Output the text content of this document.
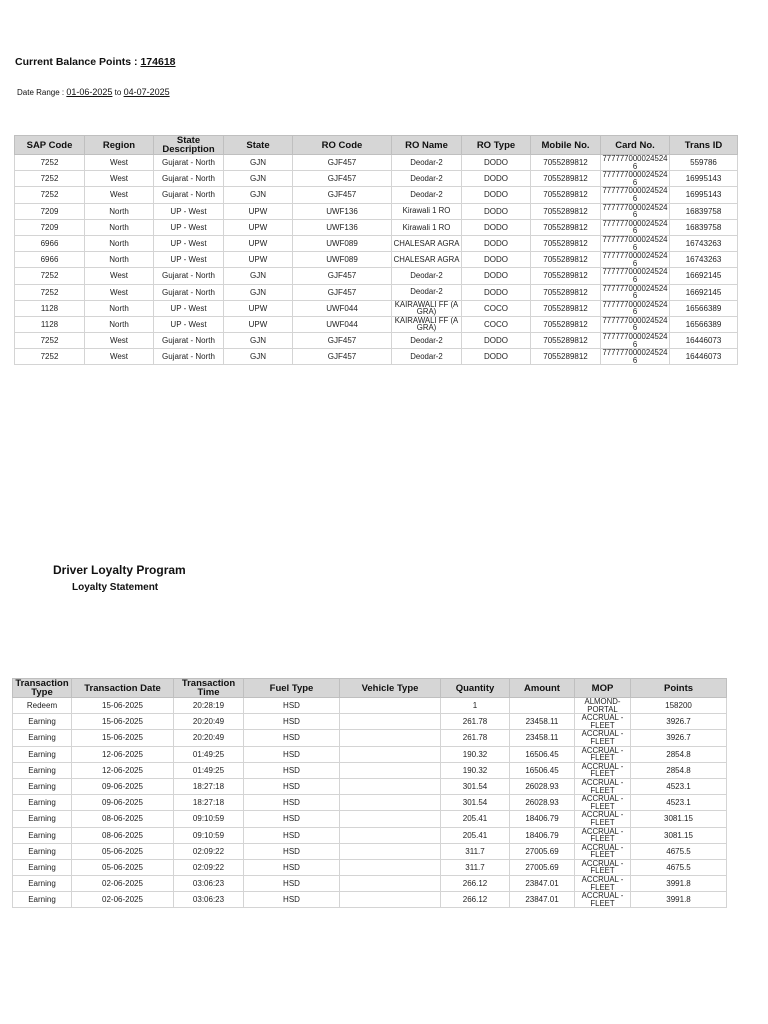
Current Balance Points : 174618
Date Range : 01-06-2025 to 04-07-2025
SAP Code	Region	State Description	State	RO Code	RO Name	RO Type	Mobile No.	Card No.	Trans ID
7252	West	Gujarat - North	GJN	GJF457	Deodar-2	DODO	7055289812	7777770000245246	559786
7252	West	Gujarat - North	GJN	GJF457	Deodar-2	DODO	7055289812	7777770000245246	16995143
7252	West	Gujarat - North	GJN	GJF457	Deodar-2	DODO	7055289812	7777770000245246	16995143
7209	North	UP - West	UPW	UWF136	Kirawali 1 RO	DODO	7055289812	7777770000245246	16839758
7209	North	UP - West	UPW	UWF136	Kirawali 1 RO	DODO	7055289812	7777770000245246	16839758
6966	North	UP - West	UPW	UWF089	CHALESAR AGRA	DODO	7055289812	7777770000245246	16743263
6966	North	UP - West	UPW	UWF089	CHALESAR AGRA	DODO	7055289812	7777770000245246	16743263
7252	West	Gujarat - North	GJN	GJF457	Deodar-2	DODO	7055289812	7777770000245246	16692145
7252	West	Gujarat - North	GJN	GJF457	Deodar-2	DODO	7055289812	7777770000245246	16692145
1128	North	UP - West	UPW	UWF044	KAIRAWALI FF (AGRA)	COCO	7055289812	7777770000245246	16566389
1128	North	UP - West	UPW	UWF044	KAIRAWALI FF (AGRA)	COCO	7055289812	7777770000245246	16566389
7252	West	Gujarat - North	GJN	GJF457	Deodar-2	DODO	7055289812	7777770000245246	16446073
7252	West	Gujarat - North	GJN	GJF457	Deodar-2	DODO	7055289812	7777770000245246	16446073
Driver Loyalty Program
Loyalty Statement
Transaction Type	Transaction Date	Transaction Time	Fuel Type	Vehicle Type	Quantity	Amount	MOP	Points
Redeem	15-06-2025	20:28:19	HSD		1		ALMOND-PORTAL	158200
Earning	15-06-2025	20:20:49	HSD		261.78	23458.11	ACCRUAL - FLEET	3926.7
Earning	15-06-2025	20:20:49	HSD		261.78	23458.11	ACCRUAL - FLEET	3926.7
Earning	12-06-2025	01:49:25	HSD		190.32	16506.45	ACCRUAL - FLEET	2854.8
Earning	12-06-2025	01:49:25	HSD		190.32	16506.45	ACCRUAL - FLEET	2854.8
Earning	09-06-2025	18:27:18	HSD		301.54	26028.93	ACCRUAL - FLEET	4523.1
Earning	09-06-2025	18:27:18	HSD		301.54	26028.93	ACCRUAL - FLEET	4523.1
Earning	08-06-2025	09:10:59	HSD		205.41	18406.79	ACCRUAL - FLEET	3081.15
Earning	08-06-2025	09:10:59	HSD		205.41	18406.79	ACCRUAL - FLEET	3081.15
Earning	05-06-2025	02:09:22	HSD		311.7	27005.69	ACCRUAL - FLEET	4675.5
Earning	05-06-2025	02:09:22	HSD		311.7	27005.69	ACCRUAL - FLEET	4675.5
Earning	02-06-2025	03:06:23	HSD		266.12	23847.01	ACCRUAL - FLEET	3991.8
Earning	02-06-2025	03:06:23	HSD		266.12	23847.01	ACCRUAL - FLEET	3991.8
